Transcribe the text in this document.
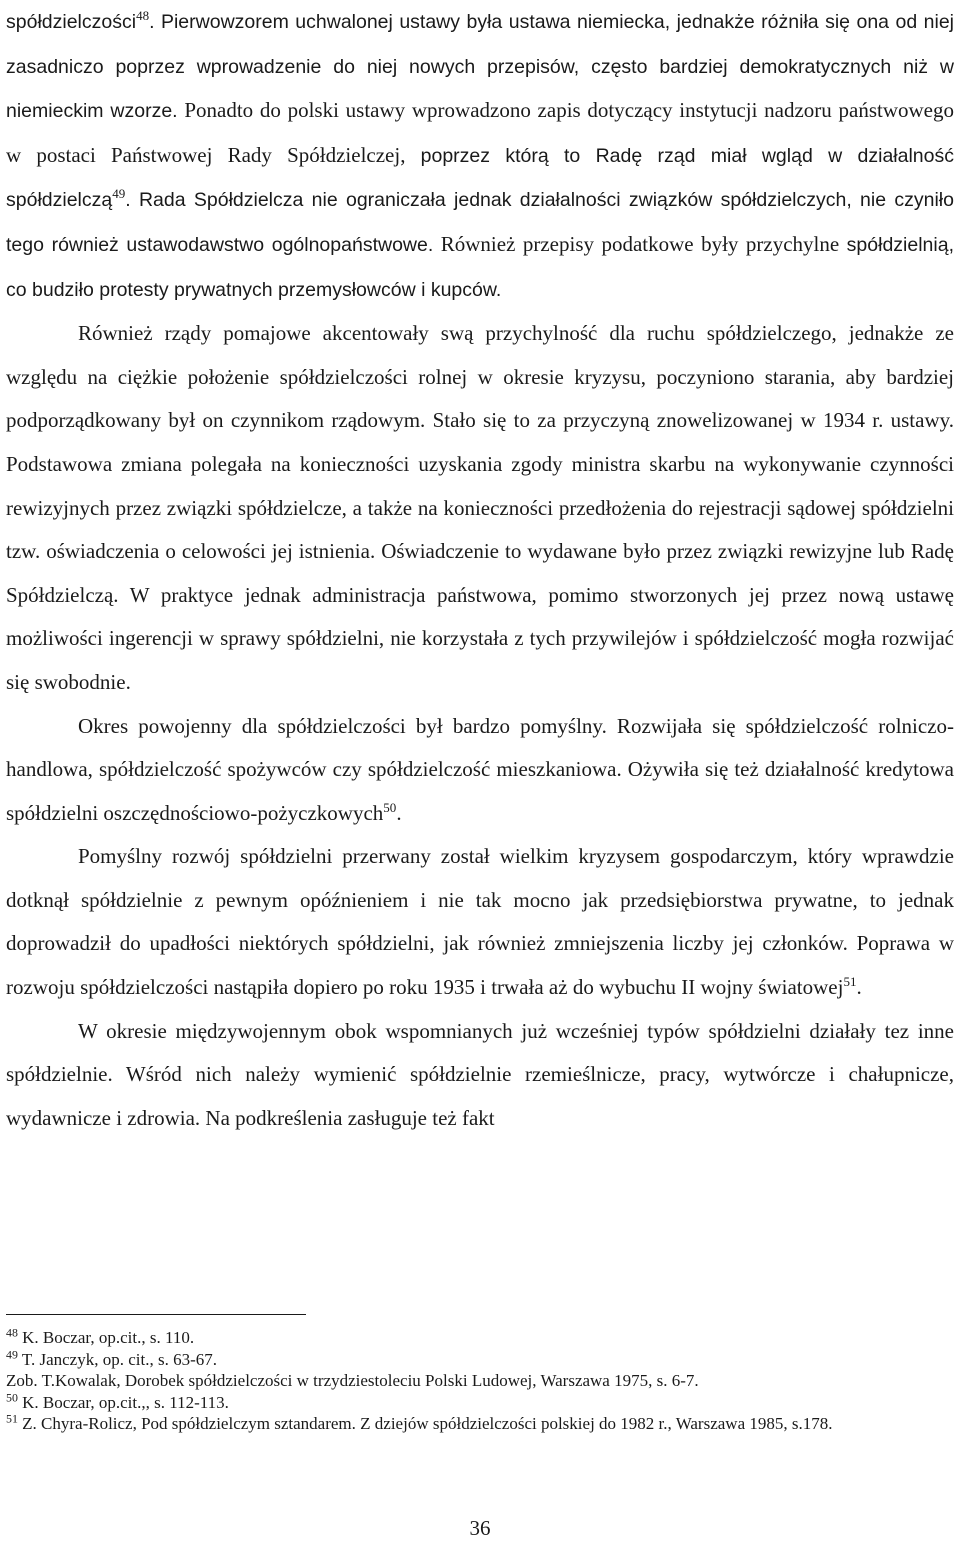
spółdzielczości$^{48}$. Pierwowzorem uchwalonej ustawy była ustawa niemiecka, jednakże różniła się ona od niej zasadniczo poprzez wprowadzenie do niej nowych przepisów, często bardziej demokratycznych niż w niemieckim wzorze. Ponadto do polski ustawy wprowadzono zapis dotyczący instytucji nadzoru państwowego w postaci Państwowej Rady Spółdzielczej, poprzez którą to Radę rząd miał wgląd w działalność spółdzielczą$^{49}$. Rada Spółdzielcza nie ograniczała jednak działalności związków spółdzielczych, nie czyniło tego również ustawodawstwo ogólnopaństwowe. Również przepisy podatkowe były przychylne spółdzielnią, co budziło protesty prywatnych przemysłowców i kupców.

Również rządy pomajowe akcentowały swą przychylność dla ruchu spółdzielczego, jednakże ze względu na ciężkie położenie spółdzielczości rolnej w okresie kryzysu, poczyniono starania, aby bardziej podporządkowany był on czynnikom rządowym. Stało się to za przyczyną znowelizowanej w 1934 r. ustawy. Podstawowa zmiana polegała na konieczności uzyskania zgody ministra skarbu na wykonywanie czynności rewizyjnych przez związki spółdzielcze, a także na konieczności przedłożenia do rejestracji sądowej spółdzielni tzw. oświadczenia o celowości jej istnienia. Oświadczenie to wydawane było przez związki rewizyjne lub Radę Spółdzielczą. W praktyce jednak administracja państwowa, pomimo stworzonych jej przez nową ustawę możliwości ingerencji w sprawy spółdzielni, nie korzystała z tych przywilejów i spółdzielczość mogła rozwijać się swobodnie.

Okres powojenny dla spółdzielczości był bardzo pomyślny. Rozwijała się spółdzielczość rolniczo-handlowa, spółdzielczość spożywców czy spółdzielczość mieszkaniowa. Ożywiła się też działalność kredytowa spółdzielni oszczędnościowo-pożyczkowych$^{50}$.

Pomyślny rozwój spółdzielni przerwany został wielkim kryzysem gospodarczym, który wprawdzie dotknął spółdzielnie z pewnym opóźnieniem i nie tak mocno jak przedsiębiorstwa prywatne, to jednak doprowadził do upadłości niektórych spółdzielni, jak również zmniejszenia liczby jej członków. Poprawa w rozwoju spółdzielczości nastąpiła dopiero po roku 1935 i trwała aż do wybuchu II wojny światowej$^{51}$.

W okresie międzywojennym obok wspomnianych już wcześniej typów spółdzielni działały tez inne spółdzielnie. Wśród nich należy wymienić spółdzielnie rzemieślnicze, pracy, wytwórcze i chałupnicze, wydawnicze i zdrowia. Na podkreślenia zasługuje też fakt

$^{48}$ K. Boczar, op.cit., s. 110.
$^{49}$ T. Janczyk, op. cit., s. 63-67.
Zob. T.Kowalak, Dorobek spółdzielczości w trzydziestoleciu Polski Ludowej, Warszawa 1975, s. 6-7.
$^{50}$ K. Boczar, op.cit.,, s. 112-113.
$^{51}$ Z. Chyra-Rolicz, Pod spółdzielczym sztandarem. Z dziejów spółdzielczości polskiej do 1982 r., Warszawa 1985, s.178.
36
